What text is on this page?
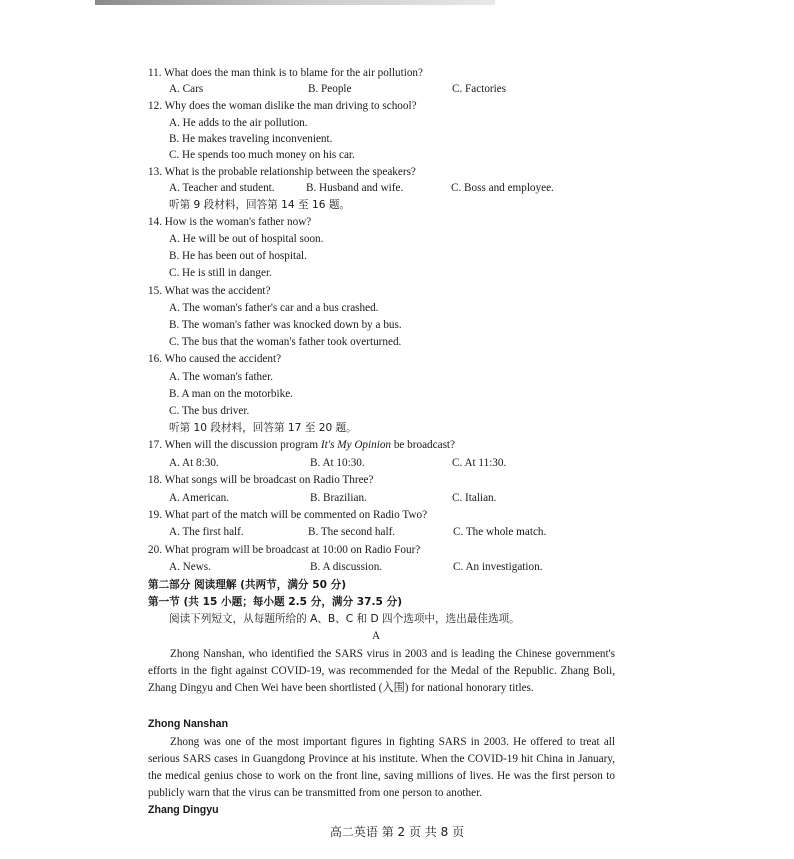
11. What does the man think is to blame for the air pollution?
A. Cars	B. People	C. Factories
12. Why does the woman dislike the man driving to school?
A. He adds to the air pollution.
B. He makes traveling inconvenient.
C. He spends too much money on his car.
13. What is the probable relationship between the speakers?
A. Teacher and student.	B. Husband and wife.	C. Boss and employee.
听第 9 段材料，回答第 14 至 16 题。
14. How is the woman's father now?
A. He will be out of hospital soon.
B. He has been out of hospital.
C. He is still in danger.
15. What was the accident?
A. The woman's father's car and a bus crashed.
B. The woman's father was knocked down by a bus.
C. The bus that the woman's father took overturned.
16. Who caused the accident?
A. The woman's father.
B. A man on the motorbike.
C. The bus driver.
听第 10 段材料，回答第 17 至 20 题。
17. When will the discussion program It's My Opinion be broadcast?
A. At 8:30.	B. At 10:30.	C. At 11:30.
18. What songs will be broadcast on Radio Three?
A. American.	B. Brazilian.	C. Italian.
19. What part of the match will be commented on Radio Two?
A. The first half.	B. The second half.	C. The whole match.
20. What program will be broadcast at 10:00 on Radio Four?
A. News.	B. A discussion.	C. An investigation.
第二部分 阅读理解 (共两节，满分 50 分)
第一节 (共 15 小题；每小题 2.5 分，满分 37.5 分)
阅读下列短文，从每题所给的 A、B、C 和 D 四个选项中，选出最佳选项。
A
Zhong Nanshan, who identified the SARS virus in 2003 and is leading the Chinese government's efforts in the fight against COVID-19, was recommended for the Medal of the Republic. Zhang Boli, Zhang Dingyu and Chen Wei have been shortlisted (入围) for national honorary titles.
Zhong Nanshan
Zhong was one of the most important figures in fighting SARS in 2003. He offered to treat all serious SARS cases in Guangdong Province at his institute. When the COVID-19 hit China in January, the medical genius chose to work on the front line, saving millions of lives. He was the first person to publicly warn that the virus can be transmitted from one person to another.
Zhang Dingyu
高二英语 第 2 页 共 8 页
